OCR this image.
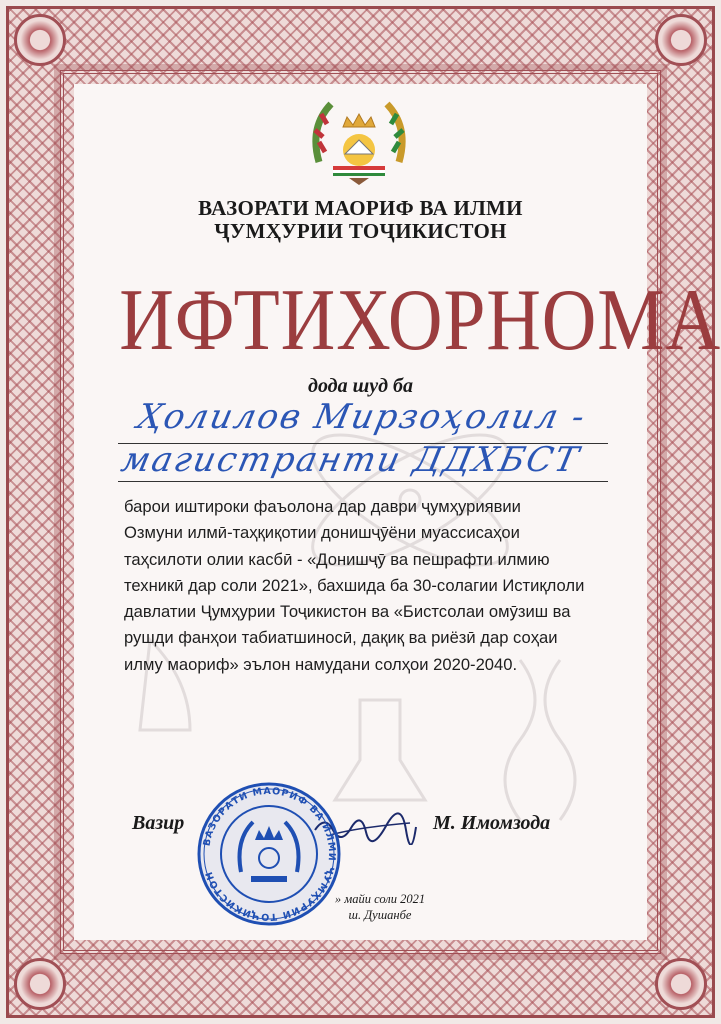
ВАЗОРАТИ МАОРИФ ВА ИЛМИ
ҶУМҲУРИИ ТОҶИКИСТОН
ИФТИХОРНОМА
дода шуд ба
Ҳолилов Мирзоҳолил -
магистранти ДДХБСТ
барои иштироки фаъолона дар даври ҷумҳуриявии
Озмуни илмӣ-таҳқиқотии донишҷӯёни муассисаҳои
таҳсилоти олии касбӣ - «Донишҷӯ ва пешрафти илмию
техникӣ дар соли 2021», бахшида ба 30-солагии Истиқлоли
давлатии Ҷумҳурии Тоҷикистон ва «Бистсолаи омӯзиш ва
рушди фанҳои табиатшиносӣ, дақиқ ва риёзӣ дар соҳаи
илму маориф» эълон намудани солҳои 2020-2040.
Вазир	М. Имомзода
ВАЗОРАТИ МАОРИФ ВА ИЛМИ ҶУМҲУРИИ ТОҶИКИСТОН
» майи соли 2021
ш. Душанбе
